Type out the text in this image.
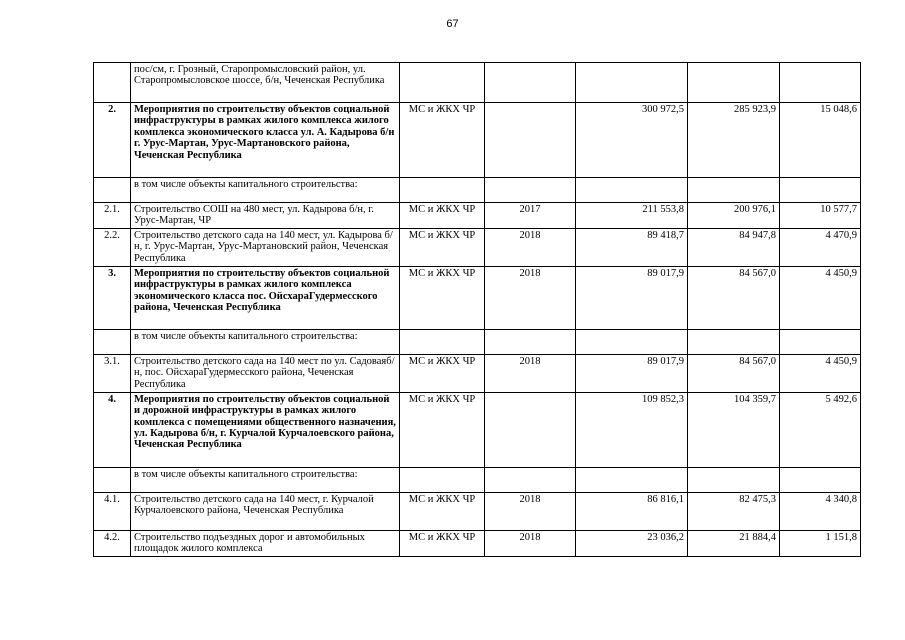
67
	пос/см, г. Грозный, Старопромысловский район, ул. Старопромысловское шоссе, б/н, Чеченская Республика					
2.	Мероприятия по строительству объектов социальной инфраструктуры в рамках жилого комплекса жилого комплекса экономического класса ул. А. Кадырова б/н г. Урус-Мартан, Урус-Мартановского района, Чеченская Республика	МС и ЖКХ ЧР		300 972,5	285 923,9	15 048,6
	в том числе объекты капитального строительства:					
2.1.	Строительство СОШ на 480 мест, ул. Кадырова б/н, г. Урус-Мартан, ЧР	МС и ЖКХ ЧР	2017	211 553,8	200 976,1	10 577,7
2.2.	Строительство детского сада на 140 мест, ул. Кадырова б/н, г. Урус-Мартан, Урус-Мартановский район, Чеченская Республика	МС и ЖКХ ЧР	2018	89 418,7	84 947,8	4 470,9
3.	Мероприятия по строительству объектов социальной инфраструктуры в рамках жилого комплекса экономического класса пос. ОйсхараГудермесского района, Чеченская Республика	МС и ЖКХ ЧР	2018	89 017,9	84 567,0	4 450,9
	в том числе объекты капитального строительства:					
3.1.	Строительство детского сада на 140 мест по ул. Садоваяб/н, пос. ОйсхараГудермесского района, Чеченская Республика	МС и ЖКХ ЧР	2018	89 017,9	84 567,0	4 450,9
4.	Мероприятия по строительству объектов социальной и дорожной инфраструктуры в рамках жилого комплекса с помещениями общественного назначения, ул. Кадырова б/н, г. Курчалой Курчалоевского района, Чеченская Республика	МС и ЖКХ ЧР		109 852,3	104 359,7	5 492,6
	в том числе объекты капитального строительства:					
4.1.	Строительство детского сада на 140 мест, г. Курчалой Курчалоевского района, Чеченская Республика	МС и ЖКХ ЧР	2018	86 816,1	82 475,3	4 340,8
4.2.	Строительство подъездных дорог и автомобильных площадок жилого комплекса	МС и ЖКХ ЧР	2018	23 036,2	21 884,4	1 151,8
